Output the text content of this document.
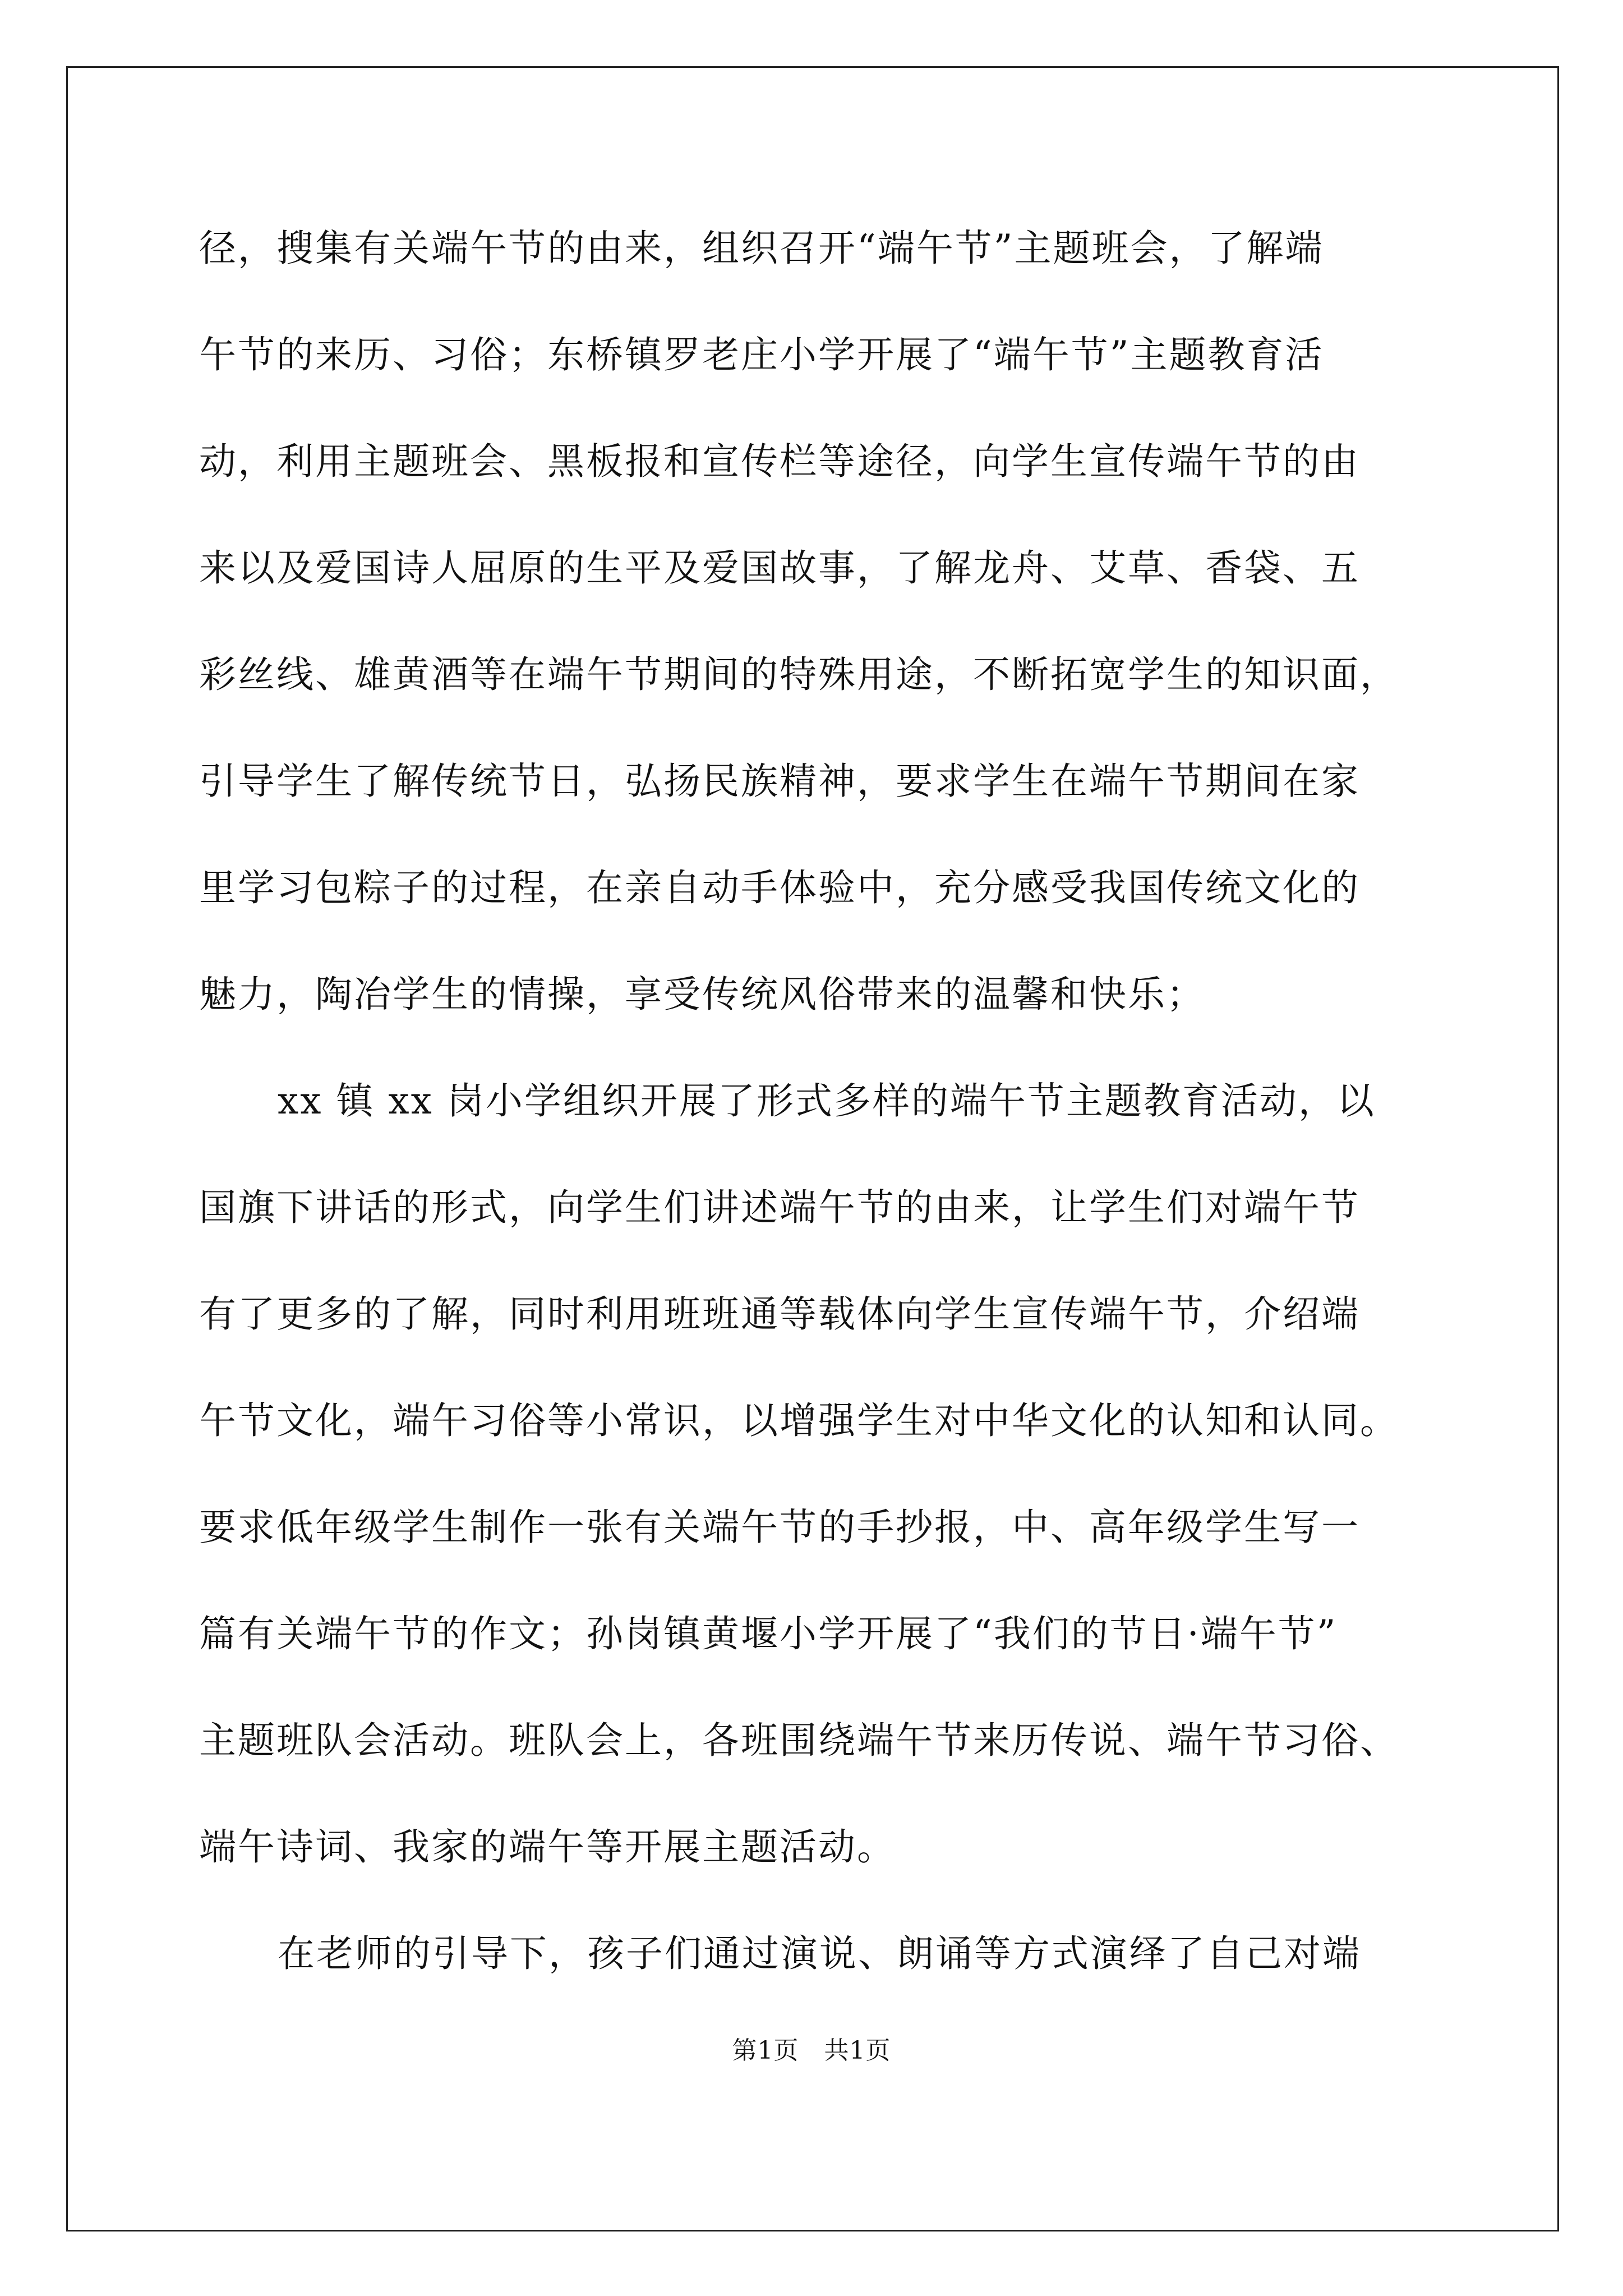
径，搜集有关端午节的由来，组织召开“端午节”主题班会，了解端
午节的来历、习俗；东桥镇罗老庄小学开展了“端午节”主题教育活
动，利用主题班会、黑板报和宣传栏等途径，向学生宣传端午节的由
来以及爱国诗人屈原的生平及爱国故事，了解龙舟、艾草、香袋、五
彩丝线、雄黄酒等在端午节期间的特殊用途，不断拓宽学生的知识面，
引导学生了解传统节日，弘扬民族精神，要求学生在端午节期间在家
里学习包粽子的过程，在亲自动手体验中，充分感受我国传统文化的
魅力，陶冶学生的情操，享受传统风俗带来的温馨和快乐；
xx 镇 xx 岗小学组织开展了形式多样的端午节主题教育活动，以
国旗下讲话的形式，向学生们讲述端午节的由来，让学生们对端午节
有了更多的了解，同时利用班班通等载体向学生宣传端午节，介绍端
午节文化，端午习俗等小常识，以增强学生对中华文化的认知和认同。
要求低年级学生制作一张有关端午节的手抄报，中、高年级学生写一
篇有关端午节的作文；孙岗镇黄堰小学开展了“我们的节日·端午节”
主题班队会活动。班队会上，各班围绕端午节来历传说、端午节习俗、
端午诗词、我家的端午等开展主题活动。
在老师的引导下，孩子们通过演说、朗诵等方式演绎了自己对端
第1页　共1页
